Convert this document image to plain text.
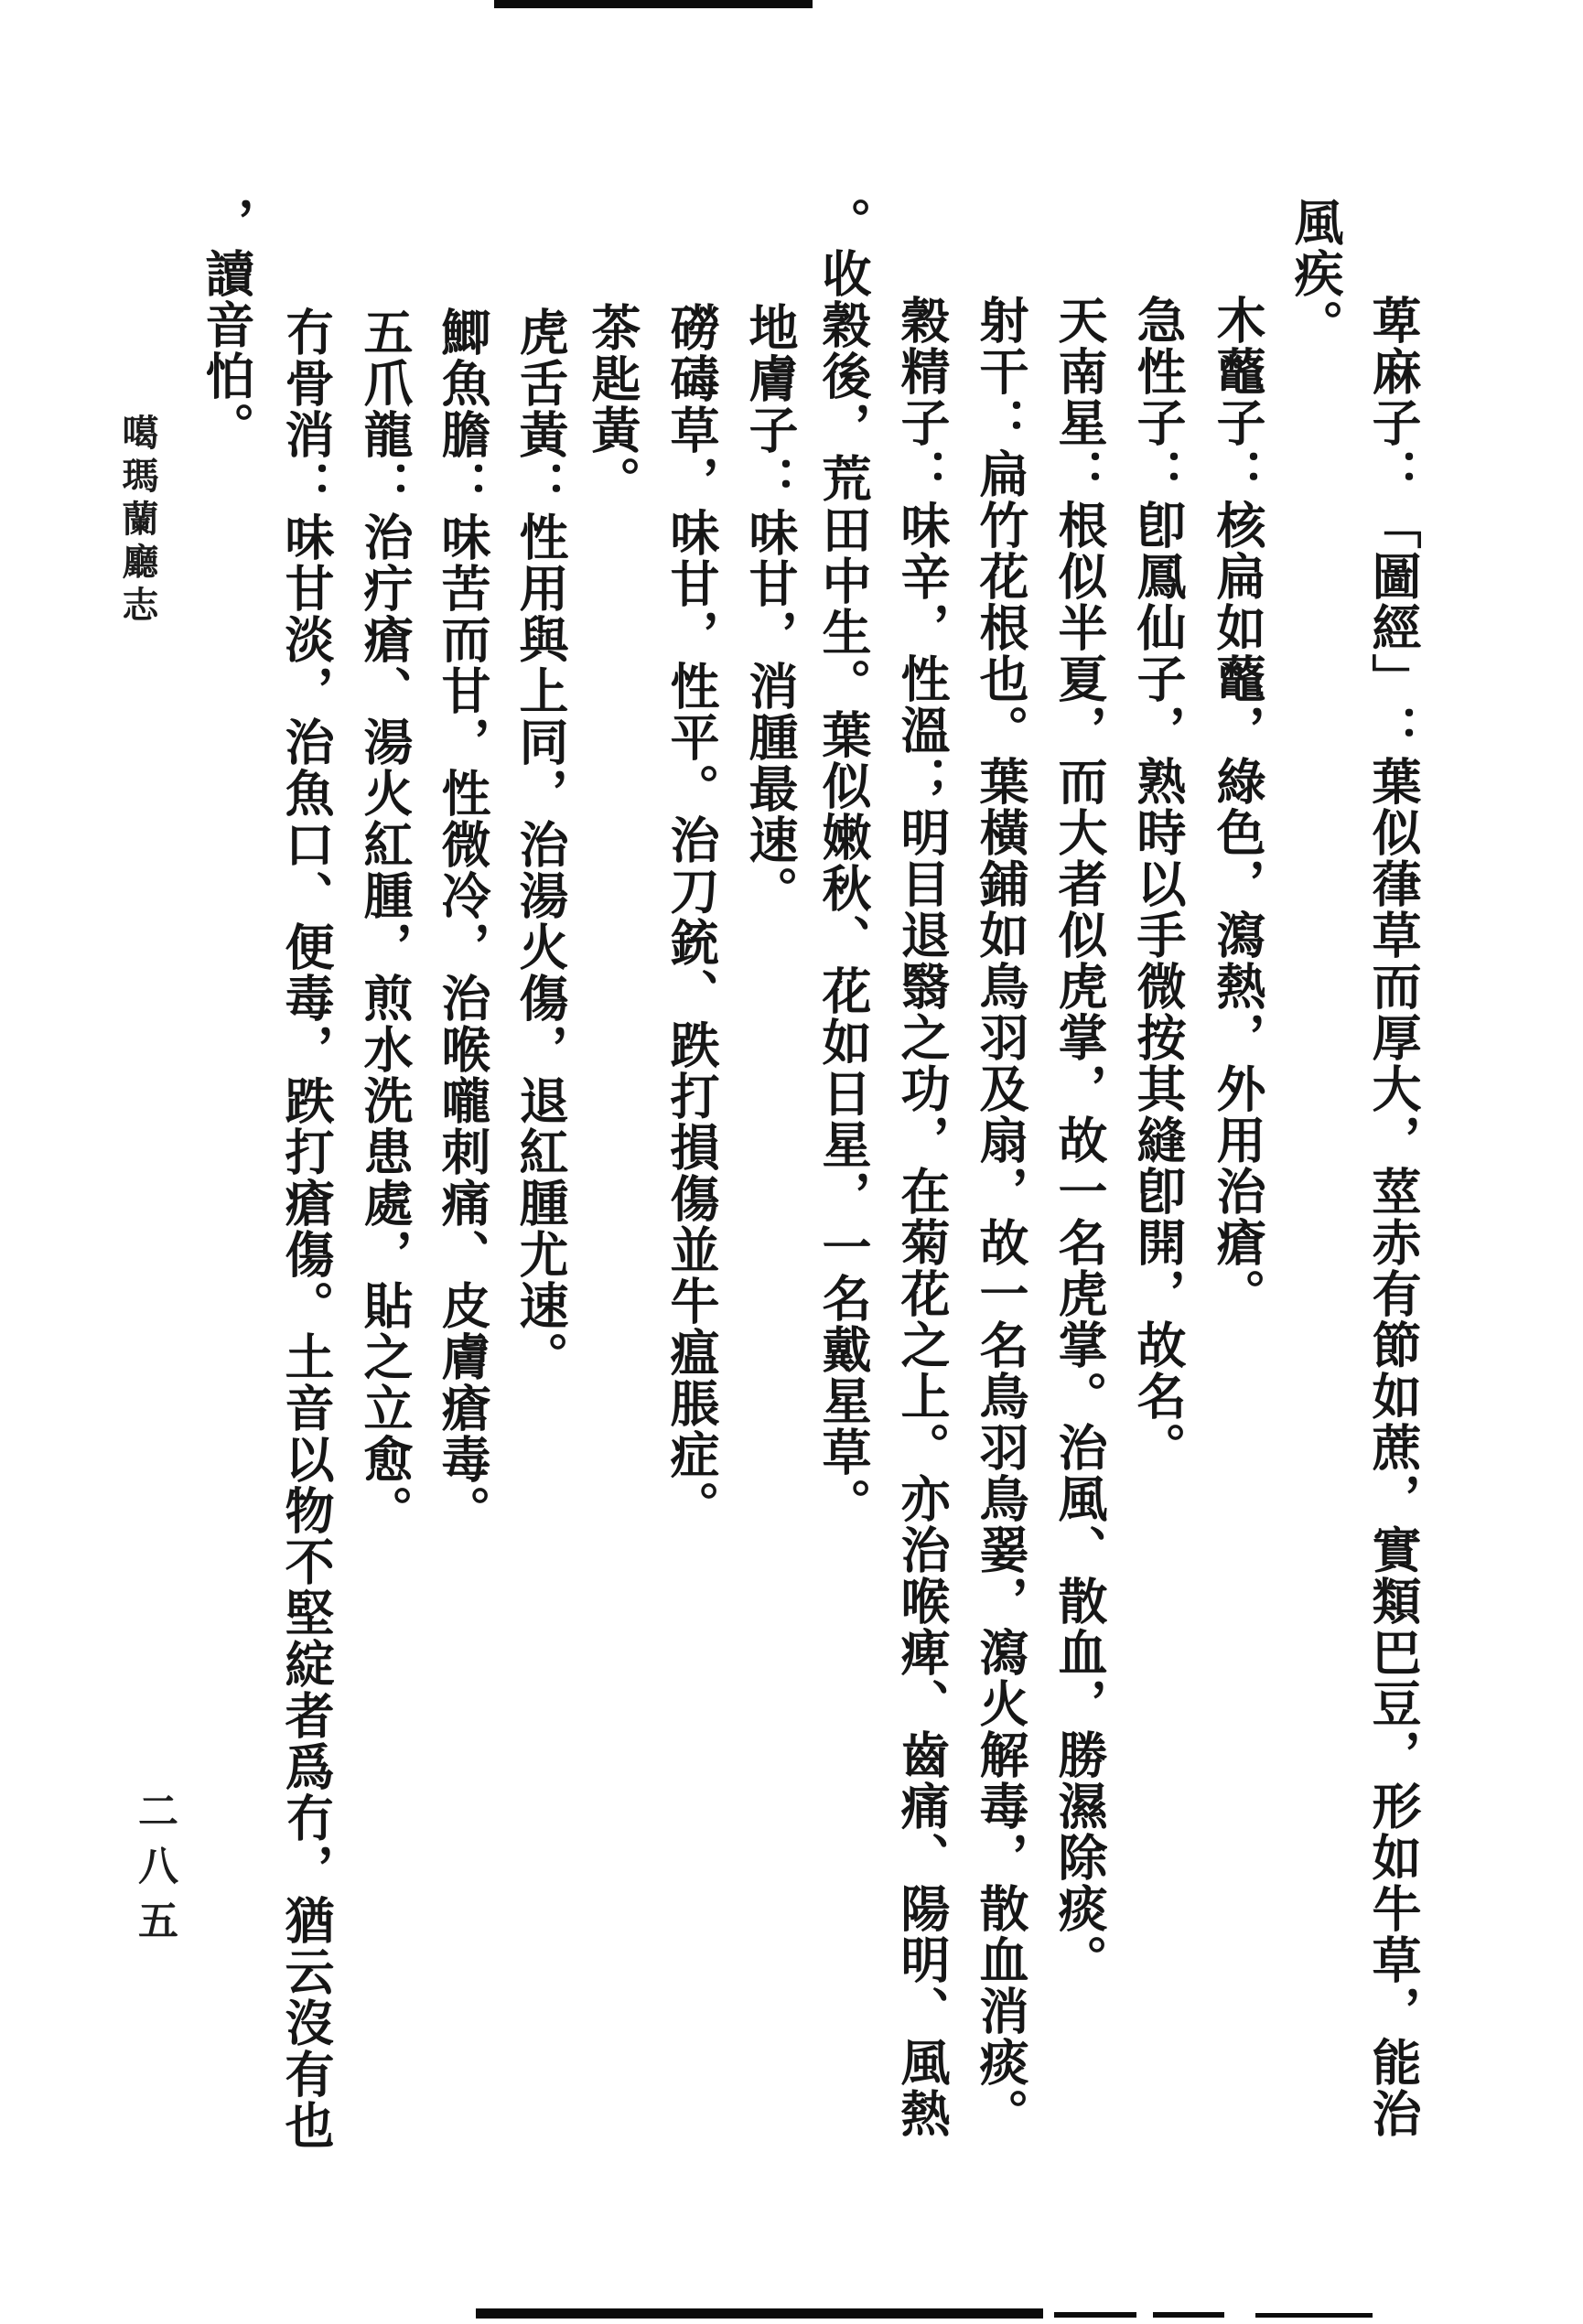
噶瑪蘭廳志
二八五	萆麻子：「圖經」：葉似葎草而厚大，莖赤有節如蔗，實類巴豆，形如牛草，能治
風疾。
木虌子：核扁如虌，綠色，瀉熱，外用治瘡。
急性子：卽鳳仙子，熟時以手微按其縫卽開，故名。
天南星：根似半夏，而大者似虎掌，故一名虎掌。治風、散血，勝濕除痰。
射干：扁竹花根也。葉橫鋪如鳥羽及扇，故一名鳥羽鳥翣，瀉火解毒，散血消痰。
穀精子：味辛，性溫；明目退翳之功，在菊花之上。亦治喉痺、齒痛、陽明、風熱
。收穀後，荒田中生。葉似嫩秋、花如日星，一名戴星草。
地膚子：味甘，消腫最速。
磱碡草，味甘，性平。治刀銃、跌打損傷並牛瘟脹症。
茶匙黃。
虎舌黃：性用與上同，治湯火傷，退紅腫尤速。
鯽魚膽：味苦而甘，性微冷，治喉嚨刺痛、皮膚瘡毒。
五爪龍：治疔瘡、湯火紅腫，煎水洗患處，貼之立愈。
冇骨消：味甘淡，治魚口、便毒，跌打瘡傷。土音以物不堅綻者爲冇，猶云沒有也
，讀音怕。
